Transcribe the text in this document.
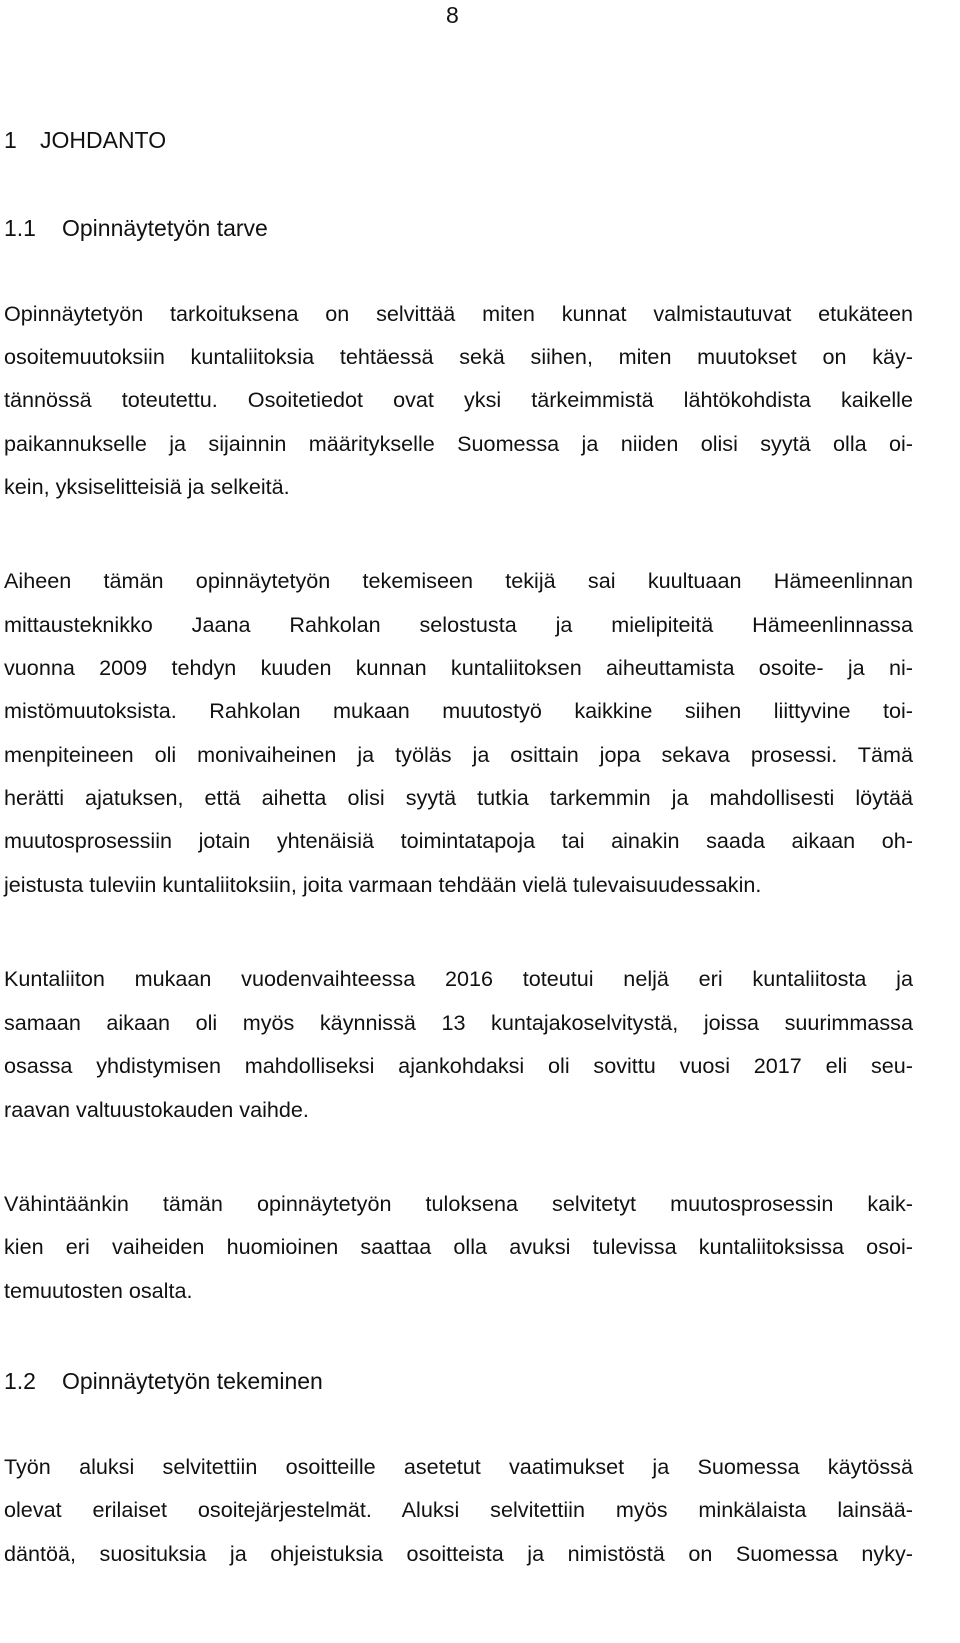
8
1 JOHDANTO
1.1 Opinnäytetyön tarve
Opinnäytetyön tarkoituksena on selvittää miten kunnat valmistautuvat etukäteen
osoitemuutoksiin kuntaliitoksia tehtäessä sekä siihen, miten muutokset on käy-
tännössä toteutettu. Osoitetiedot ovat yksi tärkeimmistä lähtökohdista kaikelle
paikannukselle ja sijainnin määritykselle Suomessa ja niiden olisi syytä olla oi-
kein, yksiselitteisiä ja selkeitä.
Aiheen tämän opinnäytetyön tekemiseen tekijä sai kuultuaan Hämeenlinnan
mittausteknikko Jaana Rahkolan selostusta ja mielipiteitä Hämeenlinnassa
vuonna 2009 tehdyn kuuden kunnan kuntaliitoksen aiheuttamista osoite- ja ni-
mistömuutoksista. Rahkolan mukaan muutostyö kaikkine siihen liittyvine toi-
menpiteineen oli monivaiheinen ja työläs ja osittain jopa sekava prosessi. Tämä
herätti ajatuksen, että aihetta olisi syytä tutkia tarkemmin ja mahdollisesti löytää
muutosprosessiin jotain yhtenäisiä toimintatapoja tai ainakin saada aikaan oh-
jeistusta tuleviin kuntaliitoksiin, joita varmaan tehdään vielä tulevaisuudessakin.
Kuntaliiton mukaan vuodenvaihteessa 2016 toteutui neljä eri kuntaliitosta ja
samaan aikaan oli myös käynnissä 13 kuntajakoselvitystä, joissa suurimmassa
osassa yhdistymisen mahdolliseksi ajankohdaksi oli sovittu vuosi 2017 eli seu-
raavan valtuustokauden vaihde.
Vähintäänkin tämän opinnäytetyön tuloksena selvitetyt muutosprosessin kaik-
kien eri vaiheiden huomioinen saattaa olla avuksi tulevissa kuntaliitoksissa osoi-
temuutosten osalta.
1.2 Opinnäytetyön tekeminen
Työn aluksi selvitettiin osoitteille asetetut vaatimukset ja Suomessa käytössä
olevat erilaiset osoitejärjestelmät. Aluksi selvitettiin myös minkälaista lainsää-
däntöä, suosituksia ja ohjeistuksia osoitteista ja nimistöstä on Suomessa nyky-
